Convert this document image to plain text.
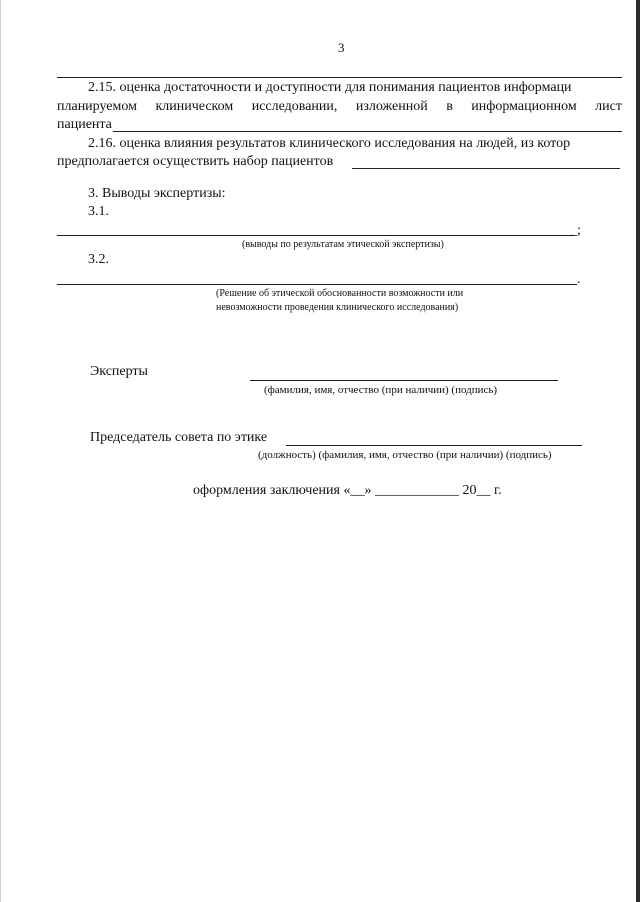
3
2.15. оценка достаточности и доступности для понимания пациентов информаци
планируемом клиническом исследовании, изложенной в информационном лист
пациента
2.16. оценка влияния результатов клинического исследования на людей, из котор
предполагается осуществить набор пациентов
3. Выводы экспертизы:
3.1.
_;
(выводы по результатам этической экспертизы)
3.2.
.
(Решение об этической обоснованности возможности или
невозможности проведения клинического исследования)
Эксперты
(фамилия, имя, отчество (при наличии) (подпись)
Председатель совета по этике
(должность) (фамилия, имя, отчество (при наличии) (подпись)
оформления заключения «__» ____________ 20__ г.
